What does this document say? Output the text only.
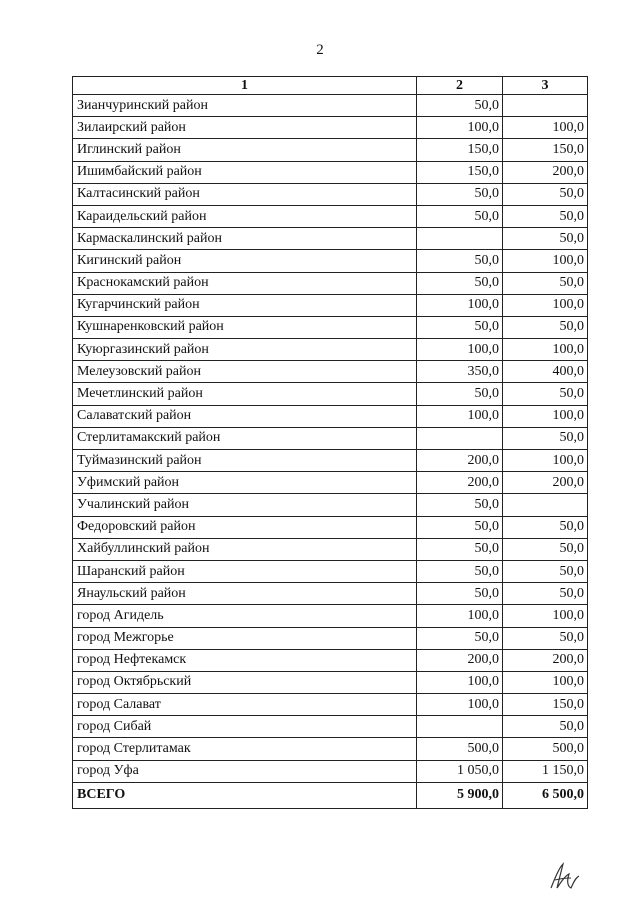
2
1	2	3
Зианчуринский район	50,0	
Зилаирский район	100,0	100,0
Иглинский район	150,0	150,0
Ишимбайский район	150,0	200,0
Калтасинский район	50,0	50,0
Караидельский район	50,0	50,0
Кармаскалинский район		50,0
Кигинский район	50,0	100,0
Краснокамский район	50,0	50,0
Кугарчинский район	100,0	100,0
Кушнаренковский район	50,0	50,0
Куюргазинский район	100,0	100,0
Мелеузовский район	350,0	400,0
Мечетлинский район	50,0	50,0
Салаватский район	100,0	100,0
Стерлитамакский район		50,0
Туймазинский район	200,0	100,0
Уфимский район	200,0	200,0
Учалинский район	50,0	
Федоровский район	50,0	50,0
Хайбуллинский район	50,0	50,0
Шаранский район	50,0	50,0
Янаульский район	50,0	50,0
город Агидель	100,0	100,0
город Межгорье	50,0	50,0
город Нефтекамск	200,0	200,0
город Октябрьский	100,0	100,0
город Салават	100,0	150,0
город Сибай		50,0
город Стерлитамак	500,0	500,0
город Уфа	1 050,0	1 150,0
ВСЕГО	5 900,0	6 500,0
